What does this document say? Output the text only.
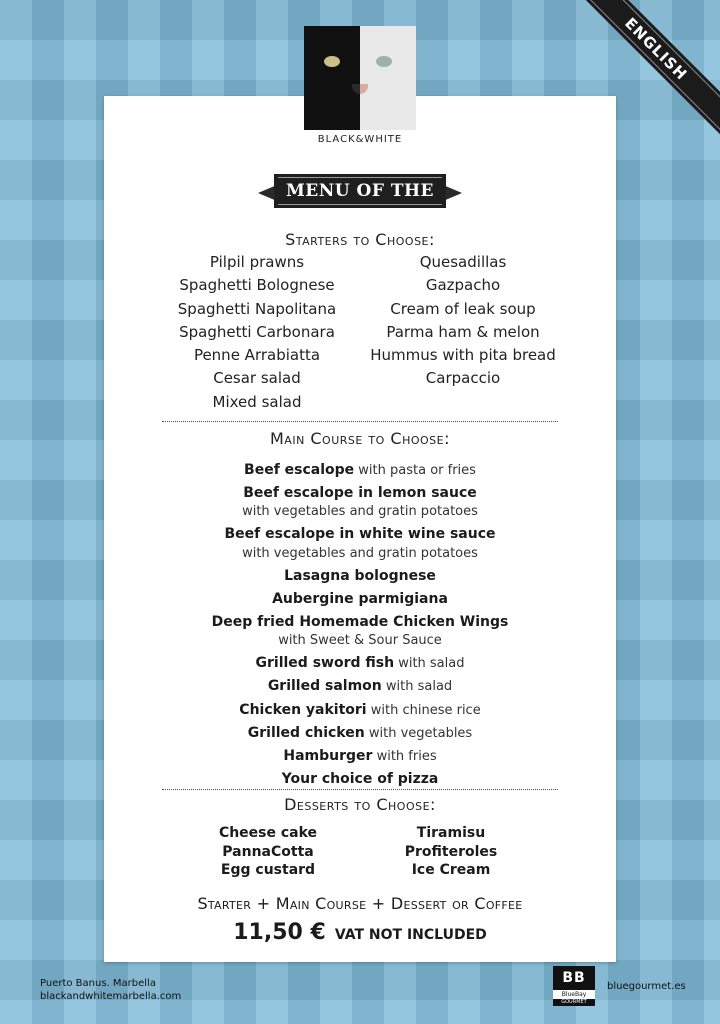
ENGLISH
BLACK&WHITE
MENU OF THE DAY
Starters to Choose:
Pilpil prawns
Spaghetti Bolognese
Spaghetti Napolitana
Spaghetti Carbonara
Penne Arrabiatta
Cesar salad
Mixed salad
Quesadillas
Gazpacho
Cream of leak soup
Parma ham & melon
Hummus with pita bread
Carpaccio
Main Course to Choose:
Beef escalope with pasta or fries
Beef escalope in lemon sauce
with vegetables and gratin potatoes
Beef escalope in white wine sauce
with vegetables and gratin potatoes
Lasagna bolognese
Aubergine parmigiana
Deep fried Homemade Chicken Wings
with Sweet & Sour Sauce
Grilled sword fish with salad
Grilled salmon with salad
Chicken yakitori with chinese rice
Grilled chicken with vegetables
Hamburger with fries
Your choice of pizza
Desserts to Choose:
Cheese cake
PannaCotta
Egg custard
Tiramisu
Profiteroles
Ice Cream
Starter + Main Course + Dessert or Coffee
11,50 € VAT NOT INCLUDED
Puerto Banus. Marbella
blackandwhitemarbella.com
BB
BlueBay
GOURMET
bluegourmet.es
